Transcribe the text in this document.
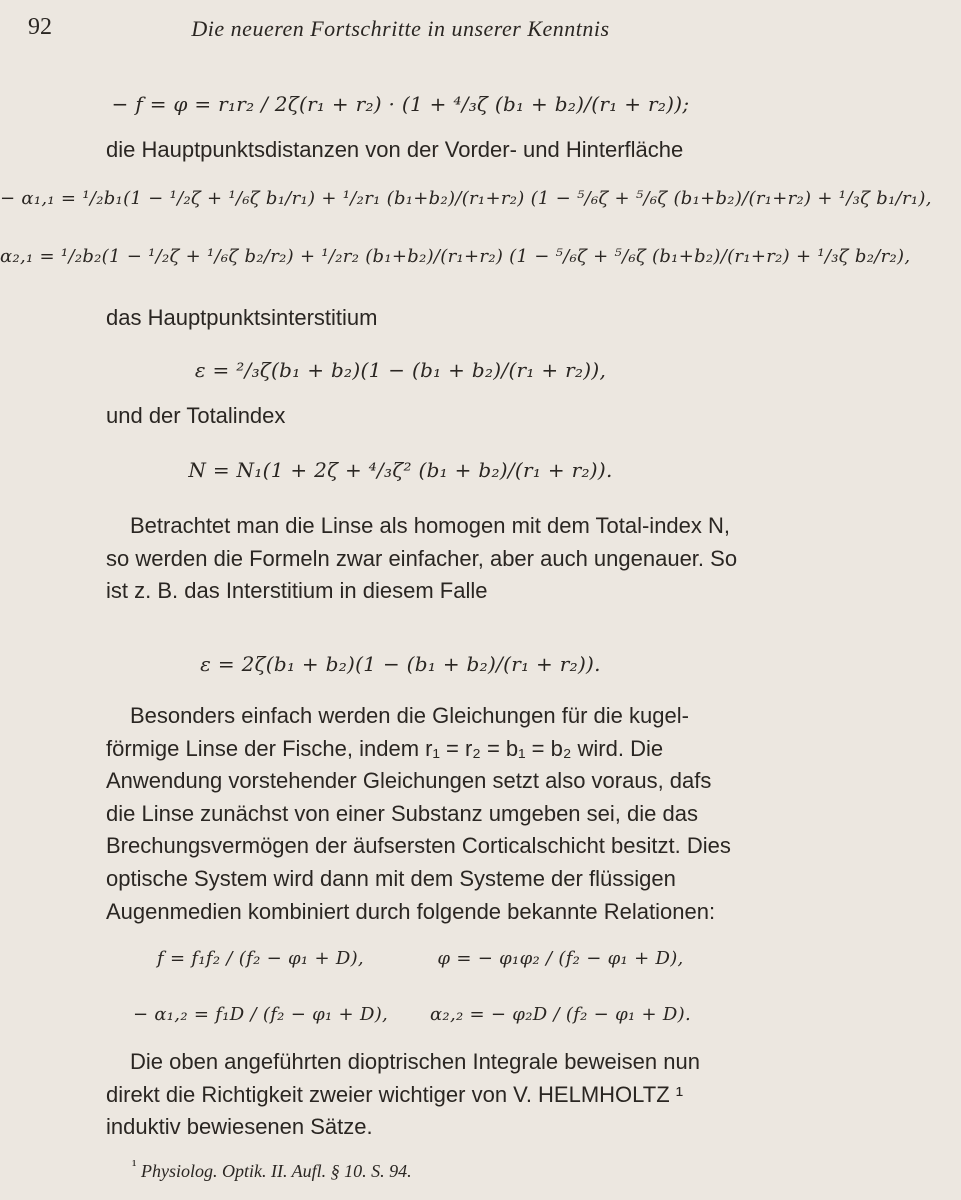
92	Die neueren Fortschritte in unserer Kenntnis
− f = φ = r₁r₂ / 2ζ(r₁ + r₂) · (1 + ⁴/₃ζ (b₁ + b₂)/(r₁ + r₂));
die Hauptpunktsdistanzen von der Vorder- und Hinterfläche
− α₁,₁ = ¹/₂b₁(1 − ¹/₂ζ + ¹/₆ζ b₁/r₁) + ¹/₂r₁ (b₁+b₂)/(r₁+r₂) (1 − ⁵/₆ζ + ⁵/₆ζ (b₁+b₂)/(r₁+r₂) + ¹/₃ζ b₁/r₁),
α₂,₁ = ¹/₂b₂(1 − ¹/₂ζ + ¹/₆ζ b₂/r₂) + ¹/₂r₂ (b₁+b₂)/(r₁+r₂) (1 − ⁵/₆ζ + ⁵/₆ζ (b₁+b₂)/(r₁+r₂) + ¹/₃ζ b₂/r₂),
das Hauptpunktsinterstitium
ε = ²/₃ζ(b₁ + b₂)(1 − (b₁ + b₂)/(r₁ + r₂)),
und der Totalindex
N = N₁(1 + 2ζ + ⁴/₃ζ² (b₁ + b₂)/(r₁ + r₂)).
Betrachtet man die Linse als homogen mit dem Total-index N, so werden die Formeln zwar einfacher, aber auch ungenauer. So ist z. B. das Interstitium in diesem Falle
ε = 2ζ(b₁ + b₂)(1 − (b₁ + b₂)/(r₁ + r₂)).
Besonders einfach werden die Gleichungen für die kugel-förmige Linse der Fische, indem r₁ = r₂ = b₁ = b₂ wird. Die Anwendung vorstehender Gleichungen setzt also voraus, dafs die Linse zunächst von einer Substanz umgeben sei, die das Brechungsvermögen der äufsersten Corticalschicht besitzt. Dies optische System wird dann mit dem Systeme der flüssigen Augenmedien kombiniert durch folgende bekannte Relationen:
f = f₁f₂ / (f₂ − φ₁ + D),	φ = − φ₁φ₂ / (f₂ − φ₁ + D),
− α₁,₂ = f₁D / (f₂ − φ₁ + D),	α₂,₂ = − φ₂D / (f₂ − φ₁ + D).
Die oben angeführten dioptrischen Integrale beweisen nun direkt die Richtigkeit zweier wichtiger von V. HELMHOLTZ ¹ induktiv bewiesenen Sätze.
$^{^1}$ Physiolog. Optik. II. Aufl. § 10. S. 94.
